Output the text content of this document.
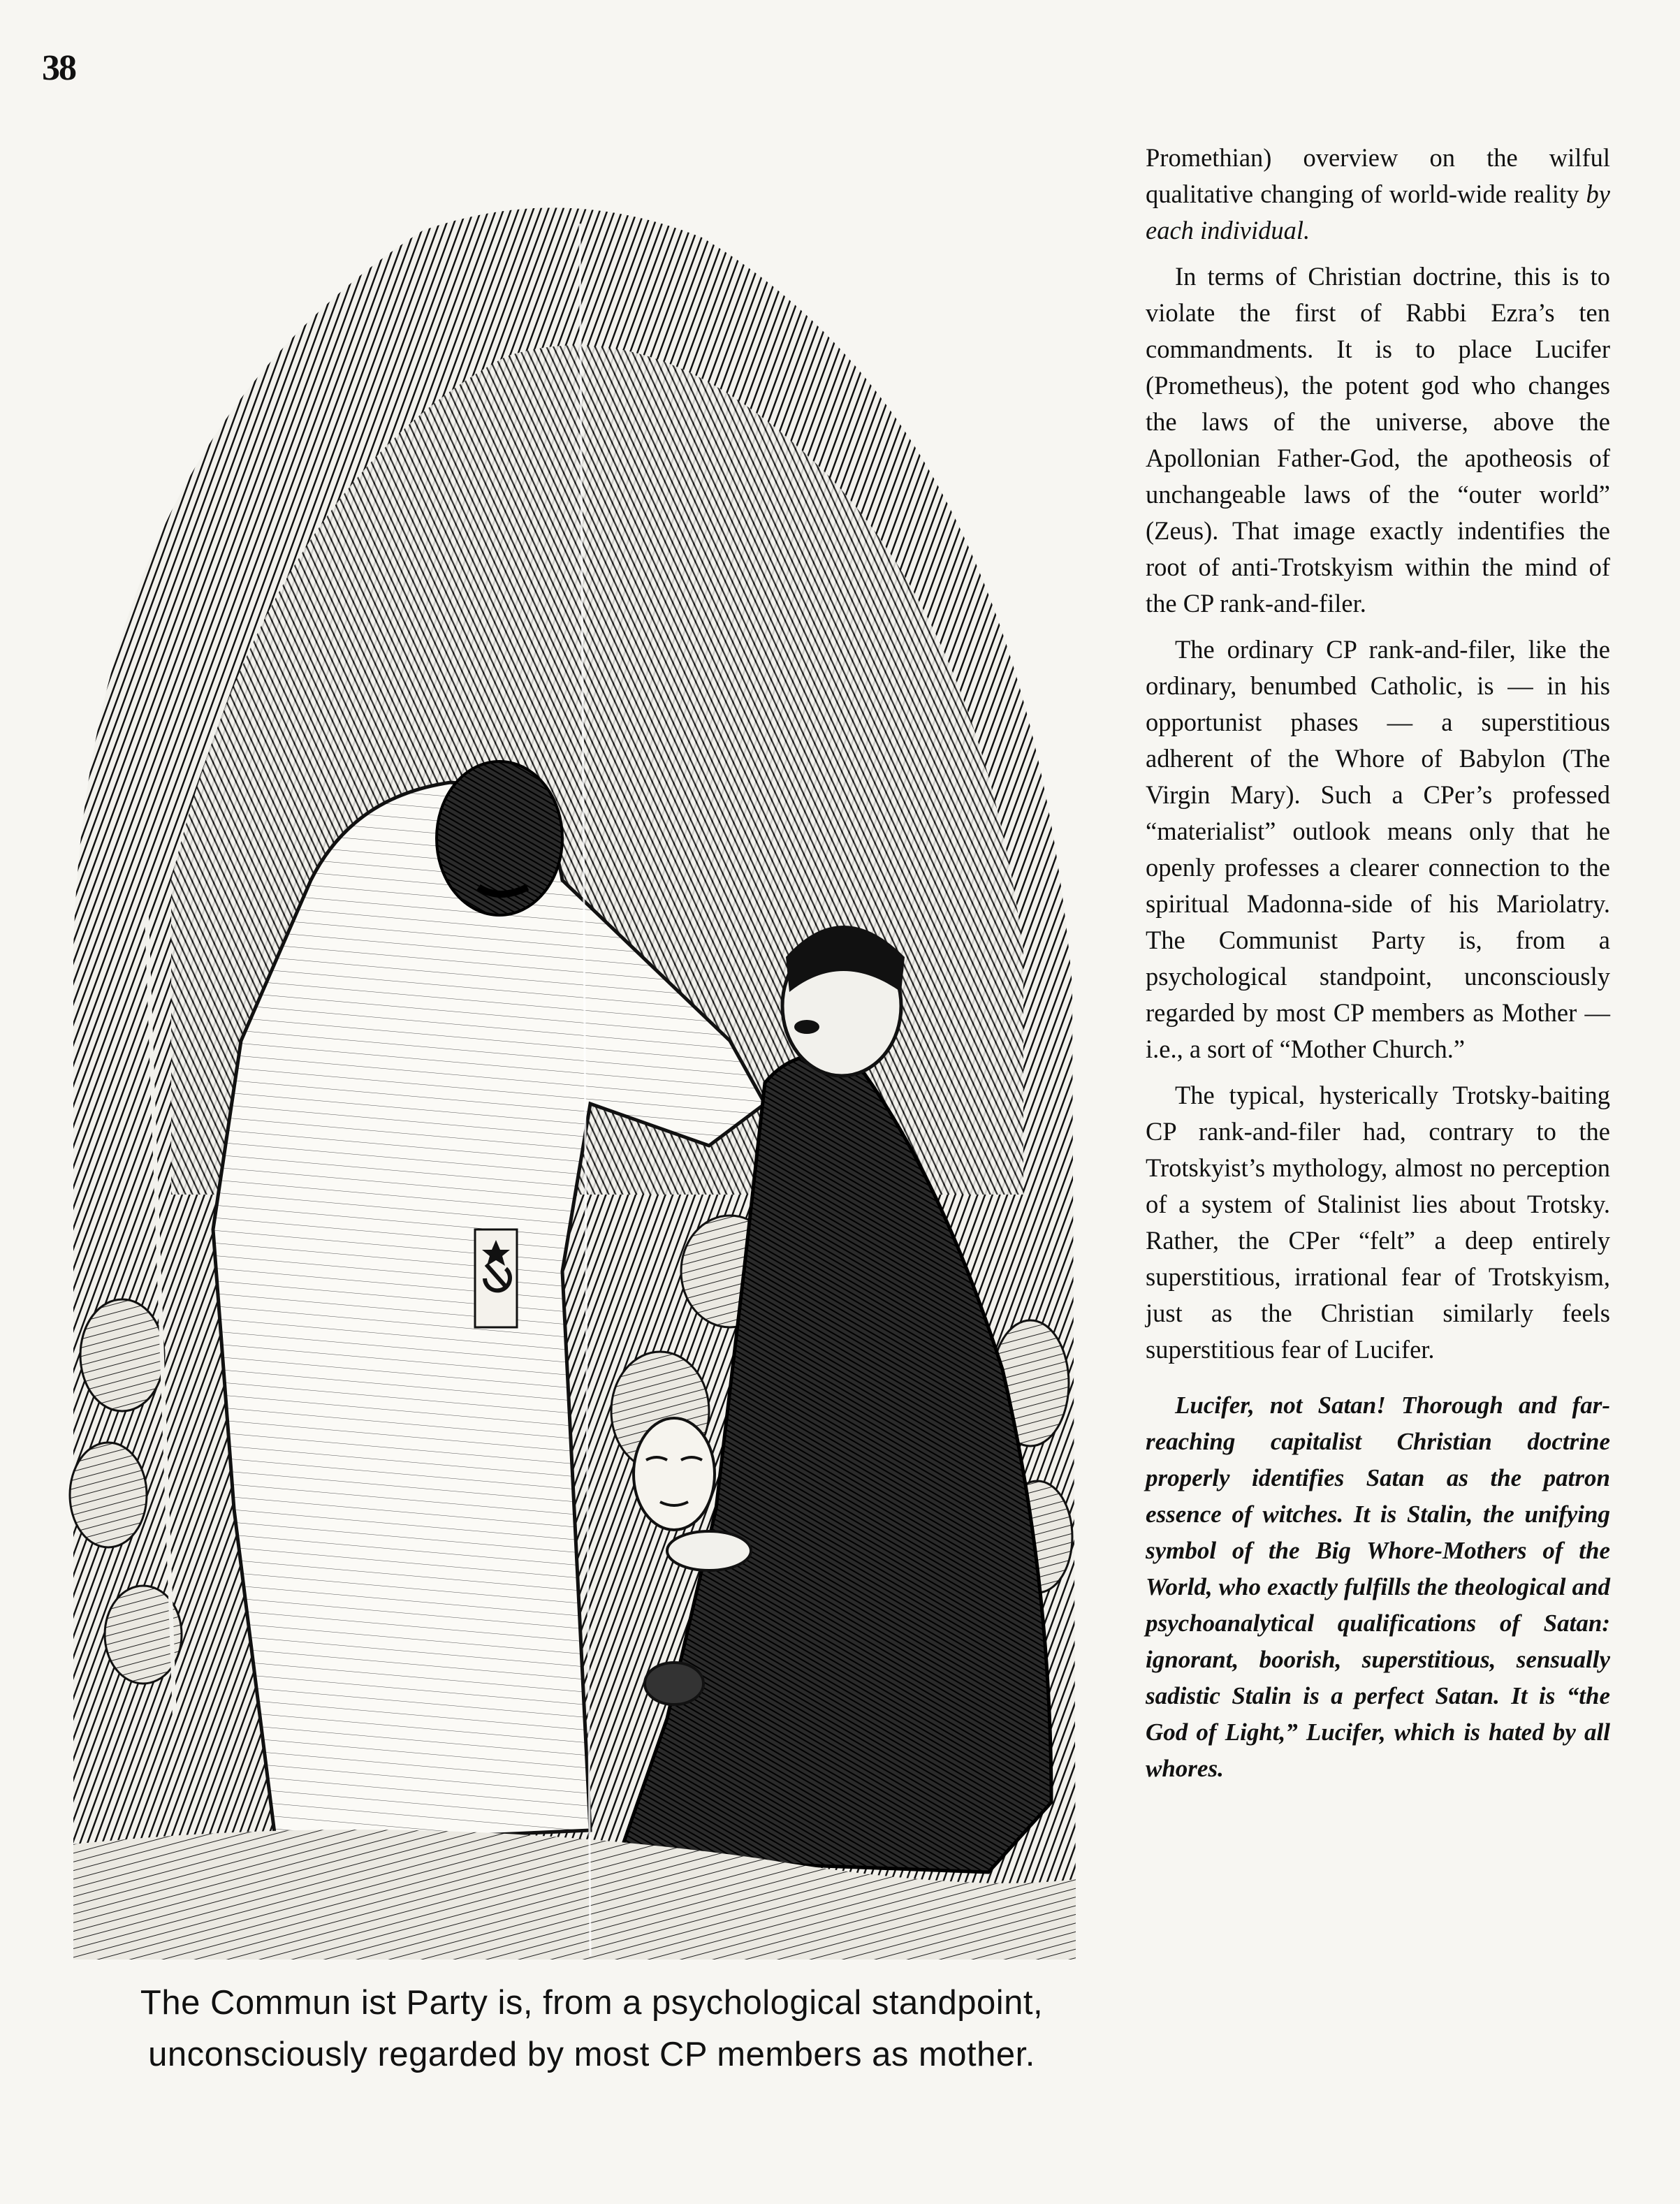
38
The Commun ist Party is, from a psychological standpoint,
unconsciously regarded by most CP members as mother.

Promethian) overview on the wilful qualitative changing of world-wide reality by each individual.

In terms of Christian doctrine, this is to violate the first of Rabbi Ezra’s ten commandments. It is to place Lucifer (Prometheus), the potent god who changes the laws of the universe, above the Apollonian Father-God, the apotheosis of unchangeable laws of the “outer world” (Zeus). That image exactly indentifies the root of anti-Trotskyism within the mind of the CP rank-and-filer.

The ordinary CP rank-and-filer, like the ordinary, benumbed Catholic, is — in his opportunist phases — a superstitious adherent of the Whore of Babylon (The Virgin Mary). Such a CPer’s professed “materialist” outlook means only that he openly professes a clearer connection to the spiritual Madonna-side of his Mariolatry. The Communist Party is, from a psychological standpoint, unconsciously regarded by most CP members as Mother — i.e., a sort of “Mother Church.”

The typical, hysterically Trotsky-baiting CP rank-and-filer had, contrary to the Trotskyist’s mythology, almost no perception of a system of Stalinist lies about Trotsky. Rather, the CPer “felt” a deep entirely superstitious, irrational fear of Trotskyism, just as the Christian similarly feels superstitious fear of Lucifer.

Lucifer, not Satan! Thorough and far-reaching capitalist Christian doctrine properly identifies Satan as the patron essence of witches. It is Stalin, the unifying symbol of the Big Whore-Mothers of the World, who exactly fulfills the theological and psychoanalytical qualifications of Satan: ignorant, boorish, superstitious, sensually sadistic Stalin is a perfect Satan. It is “the God of Light,” Lucifer, which is hated by all whores.
